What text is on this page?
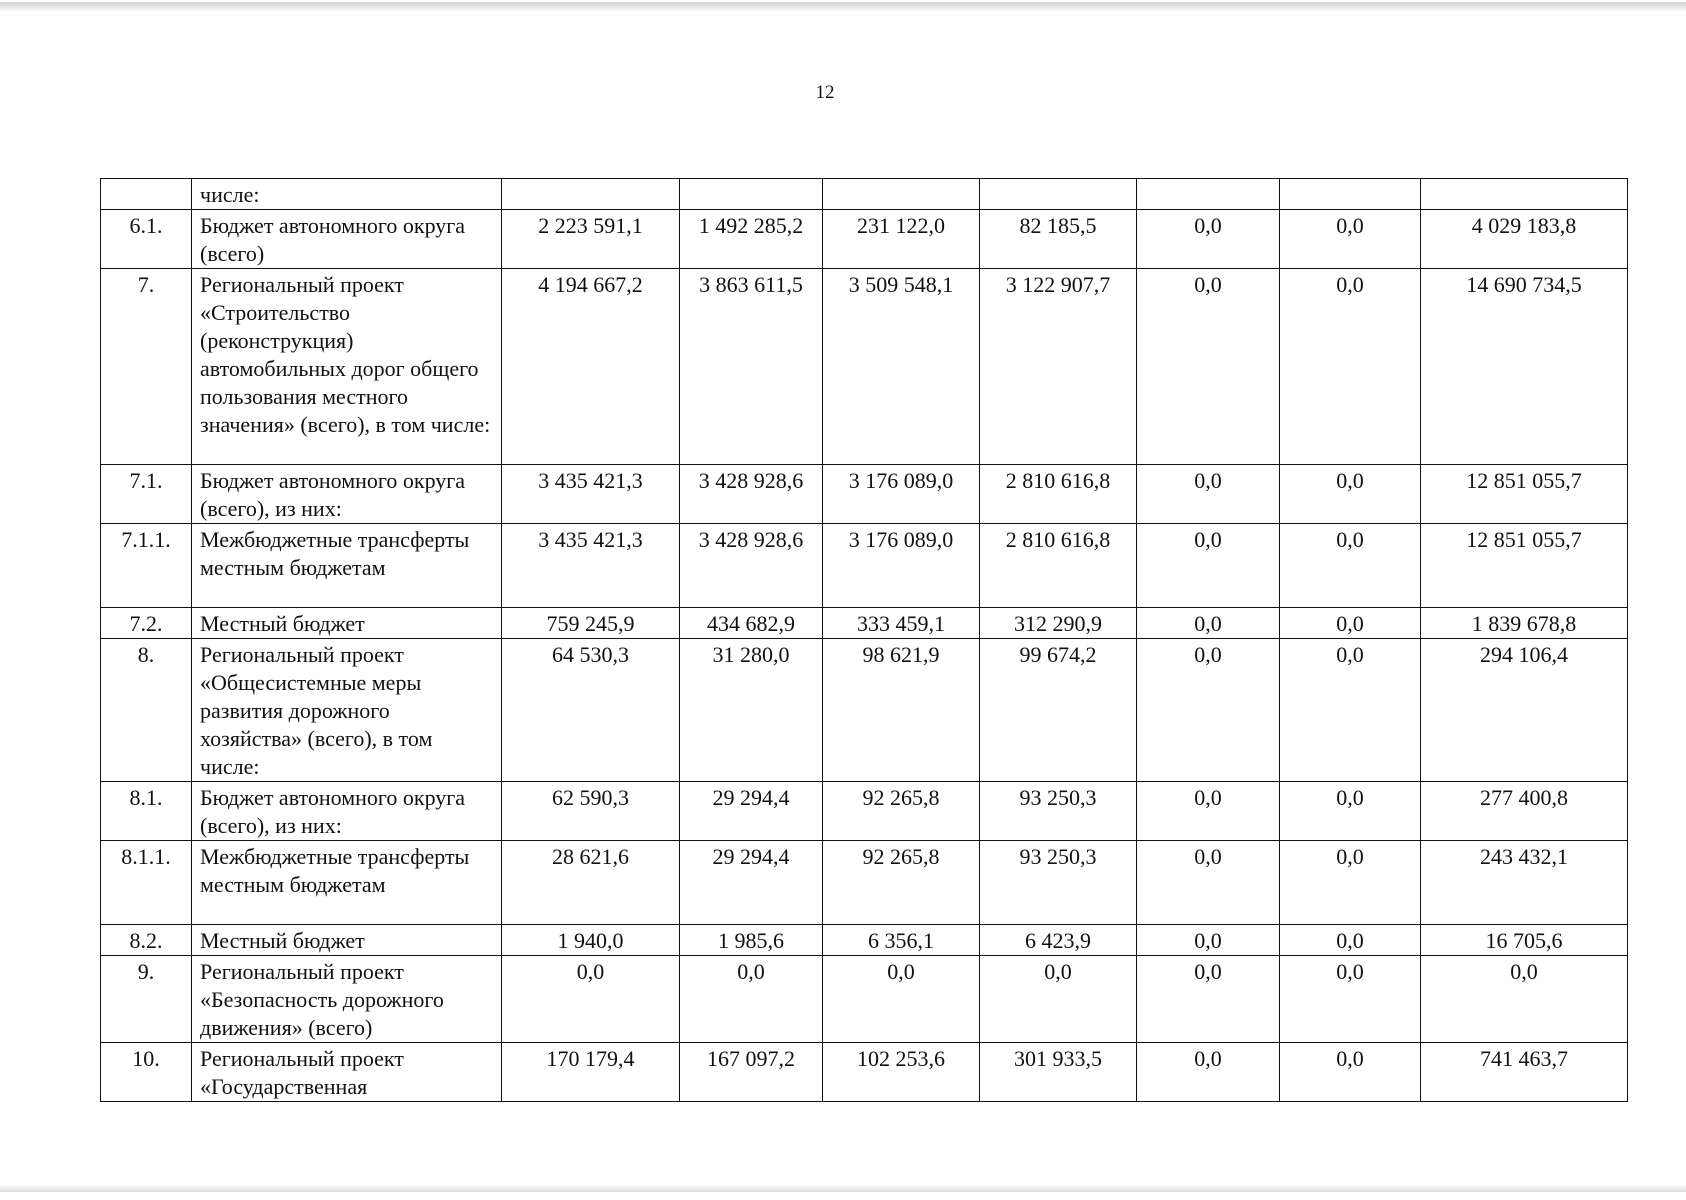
12
	числе:							
6.1.	Бюджет автономного округа (всего)	2 223 591,1	1 492 285,2	231 122,0	82 185,5	0,0	0,0	4 029 183,8
7.	Региональный проект «Строительство (реконструкция) автомобильных дорог общего пользования местного значения» (всего), в том числе:	4 194 667,2	3 863 611,5	3 509 548,1	3 122 907,7	0,0	0,0	14 690 734,5
7.1.	Бюджет автономного округа (всего), из них:	3 435 421,3	3 428 928,6	3 176 089,0	2 810 616,8	0,0	0,0	12 851 055,7
7.1.1.	Межбюджетные трансферты местным бюджетам	3 435 421,3	3 428 928,6	3 176 089,0	2 810 616,8	0,0	0,0	12 851 055,7
7.2.	Местный бюджет	759 245,9	434 682,9	333 459,1	312 290,9	0,0	0,0	1 839 678,8
8.	Региональный проект «Общесистемные меры развития дорожного хозяйства» (всего), в том числе:	64 530,3	31 280,0	98 621,9	99 674,2	0,0	0,0	294 106,4
8.1.	Бюджет автономного округа (всего), из них:	62 590,3	29 294,4	92 265,8	93 250,3	0,0	0,0	277 400,8
8.1.1.	Межбюджетные трансферты местным бюджетам	28 621,6	29 294,4	92 265,8	93 250,3	0,0	0,0	243 432,1
8.2.	Местный бюджет	1 940,0	1 985,6	6 356,1	6 423,9	0,0	0,0	16 705,6
9.	Региональный проект «Безопасность дорожного движения» (всего)	0,0	0,0	0,0	0,0	0,0	0,0	0,0
10.	Региональный проект «Государственная	170 179,4	167 097,2	102 253,6	301 933,5	0,0	0,0	741 463,7
